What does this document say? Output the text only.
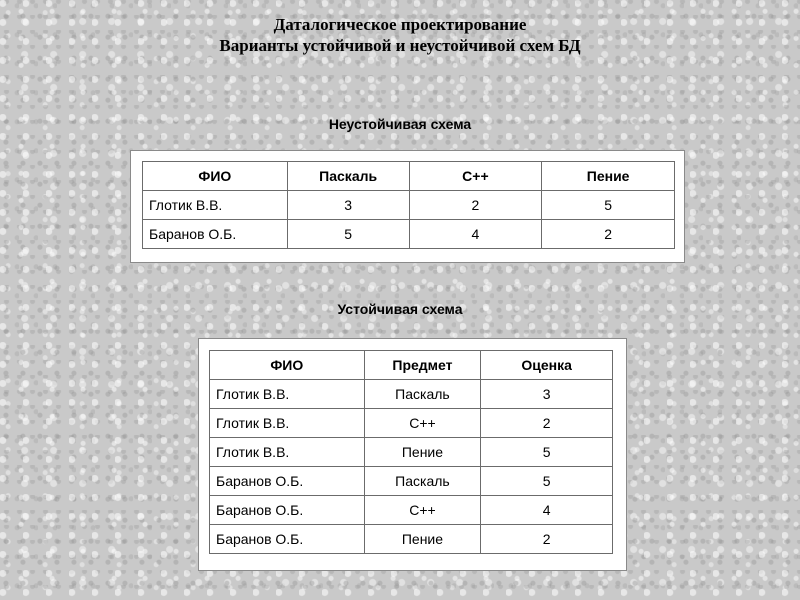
Даталогическое проектирование
Варианты устойчивой и неустойчивой схем БД
Неустойчивая схема
ФИО	Паскаль	С++	Пение
Глотик В.В.	3	2	5
Баранов О.Б.	5	4	2
Устойчивая схема
ФИО	Предмет	Оценка
Глотик В.В.	Паскаль	3
Глотик В.В.	С++	2
Глотик В.В.	Пение	5
Баранов О.Б.	Паскаль	5
Баранов О.Б.	С++	4
Баранов О.Б.	Пение	2
